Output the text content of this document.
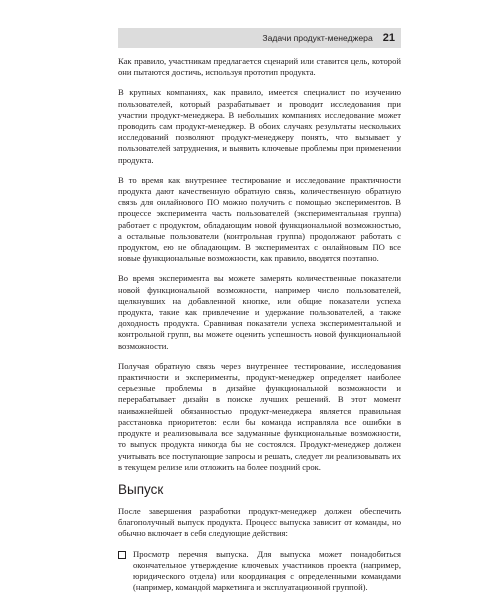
Задачи продукт-менеджера 21

Как правило, участникам предлагается сценарий или ставится цель, которой они пытаются достичь, используя прототип продукта.

В крупных компаниях, как правило, имеется специалист по изучению пользователей, который разрабатывает и проводит исследования при участии продукт-менеджера. В небольших компаниях исследование может проводить сам продукт-менеджер. В обоих случаях результаты нескольких исследований позволяют продукт-менеджеру понять, что вызывает у пользователей затруднения, и выявить ключевые проблемы при применении продукта.

В то время как внутреннее тестирование и исследование практичности продукта дают качественную обратную связь, количественную обратную связь для онлайнового ПО можно получить с помощью экспериментов. В процессе эксперимента часть пользователей (экспериментальная группа) работает с продуктом, обладающим новой функциональной возможностью, а остальные пользователи (контрольная группа) продолжают работать с продуктом, ею не обладающим. В экспериментах с онлайновым ПО все новые функциональные возможности, как правило, вводятся поэтапно.

Во время эксперимента вы можете замерять количественные показатели новой функциональной возможности, например число пользователей, щелкнувших на добавленной кнопке, или общие показатели успеха продукта, такие как привлечение и удержание пользователей, а также доходность продукта. Сравнивая показатели успеха экспериментальной и контрольной групп, вы можете оценить успешность новой функциональной возможности.

Получая обратную связь через внутреннее тестирование, исследования практичности и эксперименты, продукт-менеджер определяет наиболее серьезные проблемы в дизайне функциональной возможности и перерабатывает дизайн в поиске лучших решений. В этот момент наиважнейшей обязанностью продукт-менеджера является правильная расстановка приоритетов: если бы команда исправляла все ошибки в продукте и реализовывала все задуманные функциональные возможности, то выпуск продукта никогда бы не состоялся. Продукт-менеджер должен учитывать все поступающие запросы и решать, следует ли реализовывать их в текущем релизе или отложить на более поздний срок.

Выпуск

После завершения разработки продукт-менеджер должен обеспечить благополучный выпуск продукта. Процесс выпуска зависит от команды, но обычно включает в себя следующие действия:

Просмотр перечня выпуска. Для выпуска может понадобиться окончательное утверждение ключевых участников проекта (например, юридического отдела) или координация с определенными командами (например, командой маркетинга и эксплуатационной группой).
